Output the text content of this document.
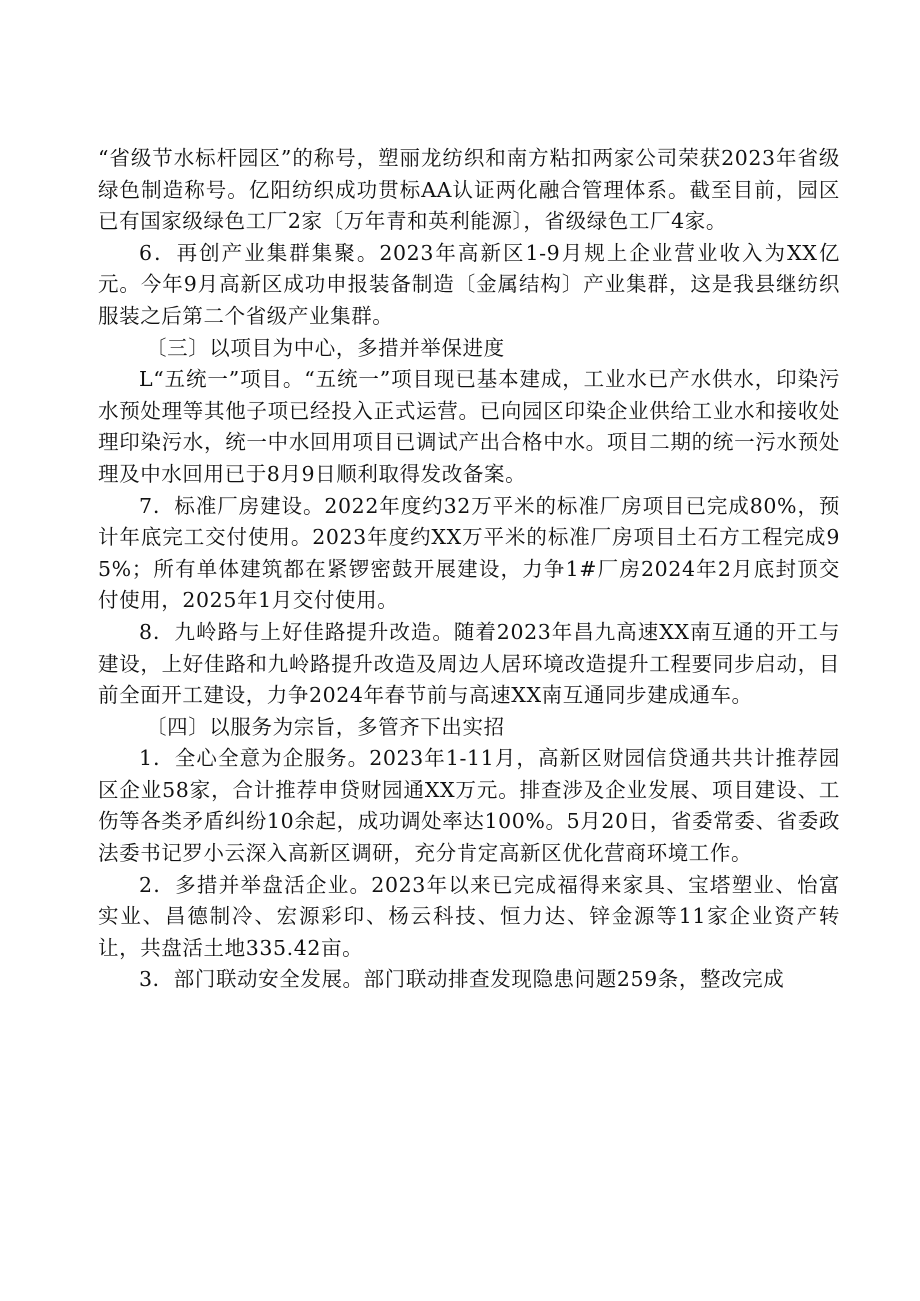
“省级节水标杆园区”的称号，塑丽龙纺织和南方粘扣两家公司荣获2023年省级绿色制造称号。亿阳纺织成功贯标AA认证两化融合管理体系。截至目前，园区已有国家级绿色工厂2家〔万年青和英利能源〕，省级绿色工厂4家。

6．再创产业集群集聚。2023年高新区1-9月规上企业营业收入为XX亿元。今年9月高新区成功申报装备制造〔金属结构〕产业集群，这是我县继纺织服装之后第二个省级产业集群。

〔三〕以项目为中心，多措并举保进度

L“五统一”项目。“五统一”项目现已基本建成，工业水已产水供水，印染污水预处理等其他子项已经投入正式运营。已向园区印染企业供给工业水和接收处理印染污水，统一中水回用项目已调试产出合格中水。项目二期的统一污水预处理及中水回用已于8月9日顺利取得发改备案。

7．标准厂房建设。2022年度约32万平米的标准厂房项目已完成80%，预计年底完工交付使用。2023年度约XX万平米的标准厂房项目土石方工程完成95%；所有单体建筑都在紧锣密鼓开展建设，力争1#厂房2024年2月底封顶交付使用，2025年1月交付使用。

8．九岭路与上好佳路提升改造。随着2023年昌九高速XX南互通的开工与建设，上好佳路和九岭路提升改造及周边人居环境改造提升工程要同步启动，目前全面开工建设，力争2024年春节前与高速XX南互通同步建成通车。

〔四〕以服务为宗旨，多管齐下出实招

1．全心全意为企服务。2023年1-11月，高新区财园信贷通共共计推荐园区企业58家，合计推荐申贷财园通XX万元。排查涉及企业发展、项目建设、工伤等各类矛盾纠纷10余起，成功调处率达100%。5月20日，省委常委、省委政法委书记罗小云深入高新区调研，充分肯定高新区优化营商环境工作。

2．多措并举盘活企业。2023年以来已完成福得来家具、宝塔塑业、怡富实业、昌德制冷、宏源彩印、杨云科技、恒力达、锌金源等11家企业资产转让，共盘活土地335.42亩。

3．部门联动安全发展。部门联动排查发现隐患问题259条，整改完成
